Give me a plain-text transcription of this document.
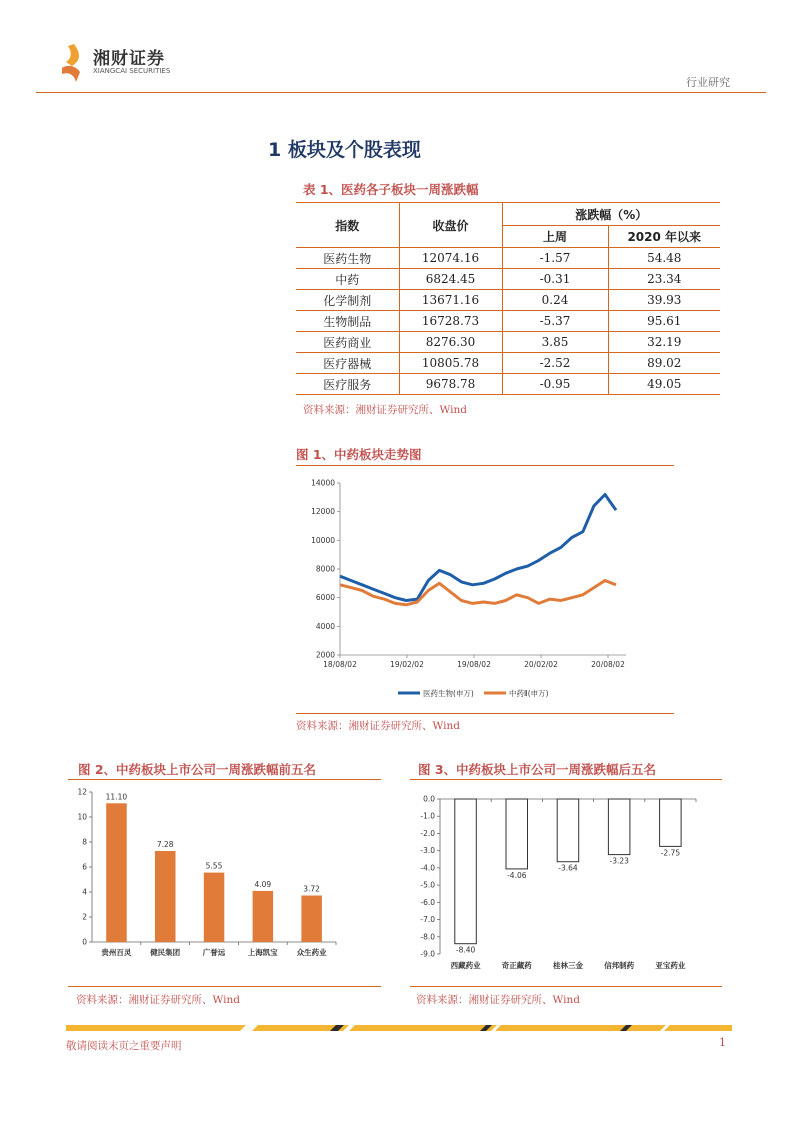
湘财证券
XIANGCAI SECURITIES
行业研究
1 板块及个股表现
表 1、医药各子板块一周涨跌幅
指数	收盘价	涨跌幅（%）	
		上周	2020 年以来
医药生物	12074.16	-1.57	54.48
中药	6824.45	-0.31	23.34
化学制剂	13671.16	0.24	39.93
生物制品	16728.73	-5.37	95.61
医药商业	8276.30	3.85	32.19
医疗器械	10805.78	-2.52	89.02
医疗服务	9678.78	-0.95	49.05
资料来源：湘财证券研究所、Wind
图 1、中药板块走势图
2000
4000
6000
8000
10000
12000
14000
18/08/02	19/02/02	19/08/02	20/02/02	20/08/02
医药生物(申万)	中药Ⅱ(申万)
资料来源：湘财证券研究所、Wind
图 2、中药板块上市公司一周涨跌幅前五名
0
2
4
6
8
10
12
11.10
贵州百灵
7.28
健民集团
5.55
广誉远
4.09
上海凯宝
3.72
众生药业
资料来源：湘财证券研究所、Wind
图 3、中药板块上市公司一周涨跌幅后五名
0.0
-1.0
-2.0
-3.0
-4.0
-5.0
-6.0
-7.0
-8.0
-9.0	-8.40
西藏药业
-4.06
奇正藏药
-3.64
桂林三金
-3.23
信邦制药
-2.75
亚宝药业
资料来源：湘财证券研究所、Wind
敬请阅读末页之重要声明	1
